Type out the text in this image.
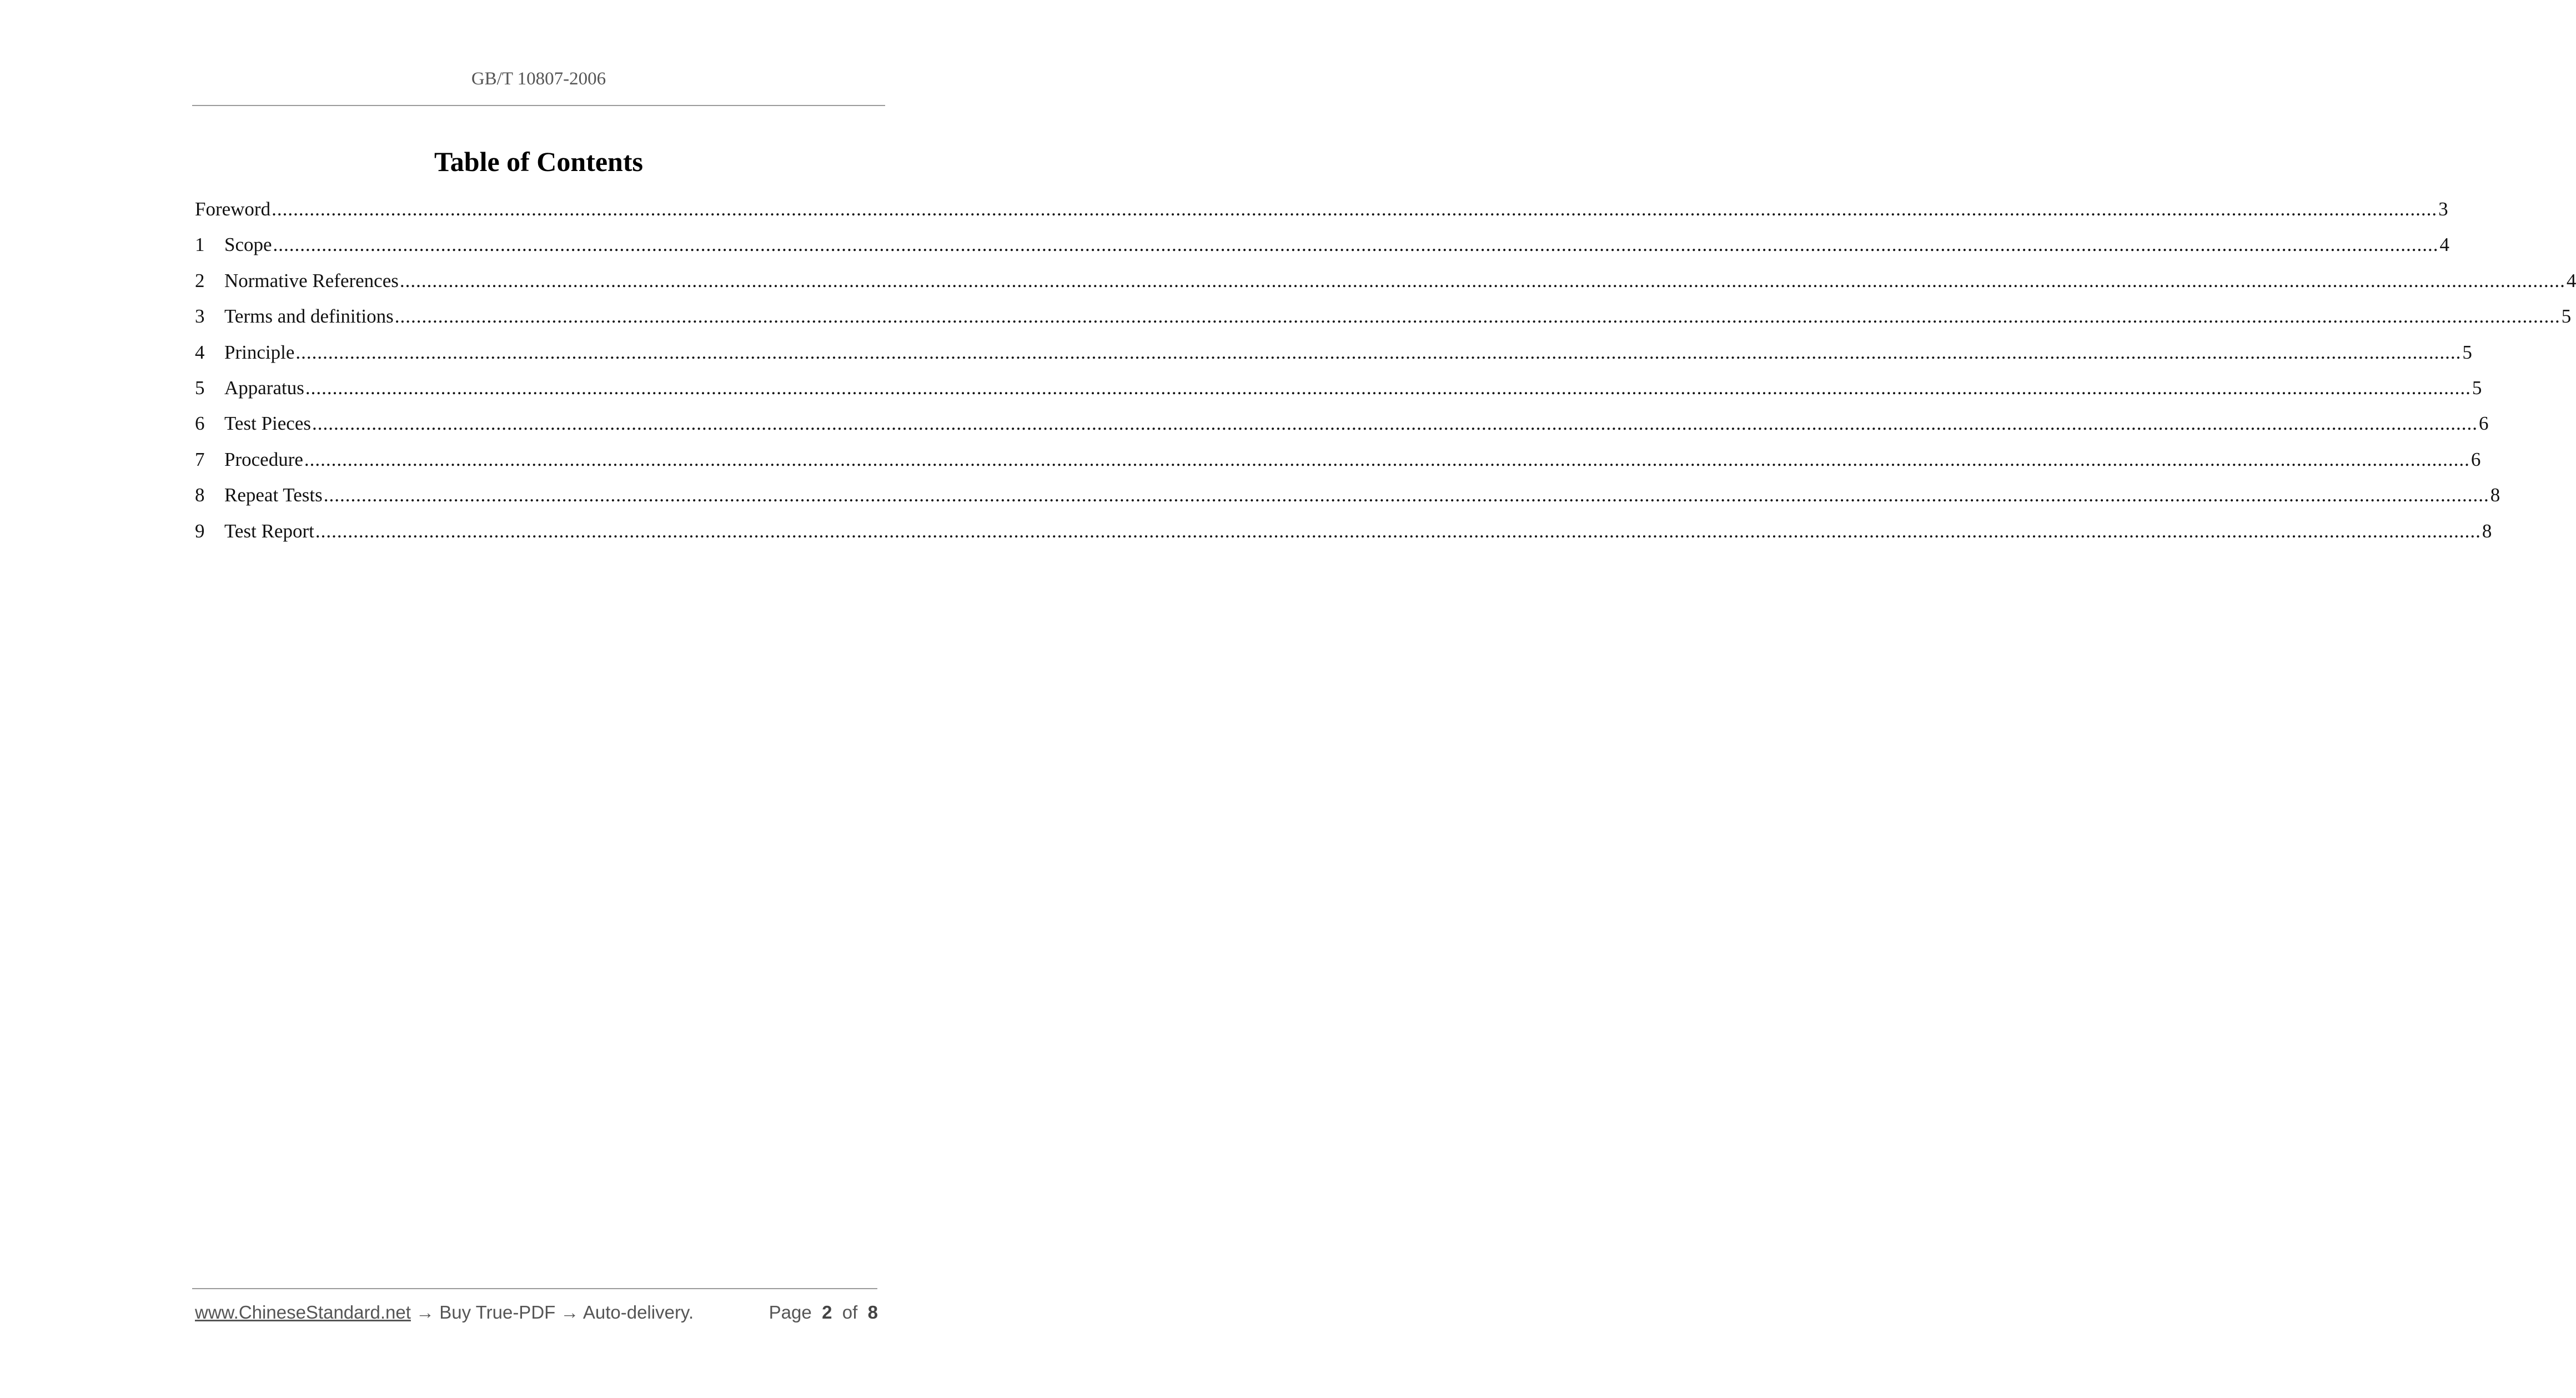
GB/T 10807-2006
Table of Contents
Foreword ................................................................................................................................................................................................................................................................................................................................................................................................................ 3
1	Scope ................................................................................................................................................................................................................................................................................................................................................................................................................ 4
2	Normative References ................................................................................................................................................................................................................................................................................................................................................................................................................ 4
3	Terms and definitions ................................................................................................................................................................................................................................................................................................................................................................................................................ 5
4	Principle ................................................................................................................................................................................................................................................................................................................................................................................................................ 5
5	Apparatus ................................................................................................................................................................................................................................................................................................................................................................................................................ 5
6	Test Pieces ................................................................................................................................................................................................................................................................................................................................................................................................................ 6
7	Procedure ................................................................................................................................................................................................................................................................................................................................................................................................................ 6
8	Repeat Tests ................................................................................................................................................................................................................................................................................................................................................................................................................ 8
9	Test Report ................................................................................................................................................................................................................................................................................................................................................................................................................ 8
www.ChineseStandard.net → Buy True-PDF → Auto-delivery.	Page 2 of 8
